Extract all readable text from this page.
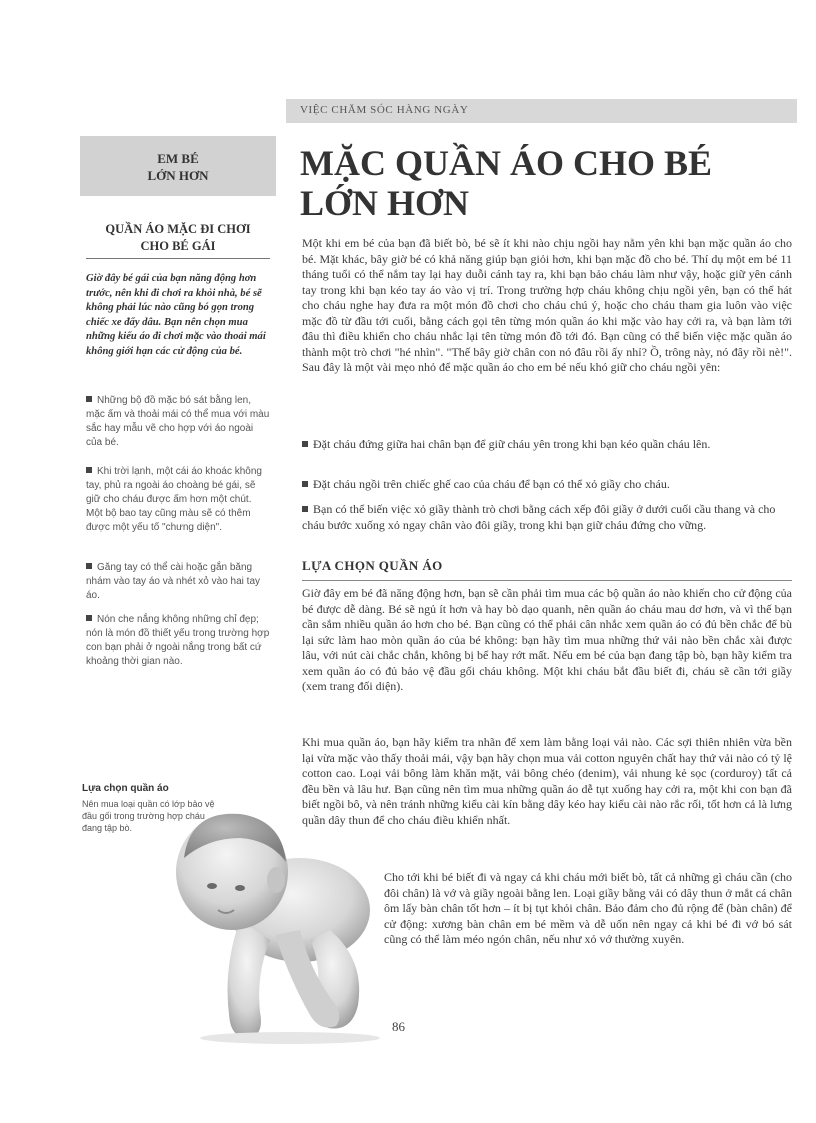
VIỆC CHĂM SÓC HÀNG NGÀY
EM BÉ
LỚN HƠN
QUẦN ÁO MẶC ĐI CHƠI
CHO BÉ GÁI

Giờ đây bé gái của bạn năng động hơn trước, nên khi đi chơi ra khỏi nhà, bé sẽ không phải lúc nào cũng bó gọn trong chiếc xe đẩy dâu. Bạn nên chọn mua những kiểu áo đi chơi mặc vào thoải mái không giới hạn các cử động của bé.

Những bộ đồ mặc bó sát bằng len, mặc ấm và thoải mái có thể mua với màu sắc hay mẫu vẽ cho hợp với áo ngoài của bé.

Khi trời lạnh, một cái áo khoác không tay, phủ ra ngoài áo choàng bé gái, sẽ giữ cho cháu được ấm hơn một chút. Một bộ bao tay cũng màu sẽ có thêm được một yếu tố "chưng diện".

Găng tay có thể cài hoặc gắn băng nhám vào tay áo và nhét xỏ vào hai tay áo.

Nón che nắng không những chỉ đẹp; nón là món đồ thiết yếu trong trường hợp con bạn phải ở ngoài nắng trong bất cứ khoảng thời gian nào.

Lựa chọn quần áo

Nên mua loại quần có lớp bảo vệ đầu gối trong trường hợp cháu đang tập bò.

MẶC QUẦN ÁO CHO BÉ
LỚN HƠN

Một khi em bé của bạn đã biết bò, bé sẽ ít khi nào chịu ngồi hay nằm yên khi bạn mặc quần áo cho bé. Mặt khác, bây giờ bé có khả năng giúp bạn giỏi hơn, khi bạn mặc đồ cho bé. Thí dụ một em bé 11 tháng tuổi có thể nắm tay lại hay duỗi cánh tay ra, khi bạn bảo cháu làm như vậy, hoặc giữ yên cánh tay trong khi bạn kéo tay áo vào vị trí. Trong trường hợp cháu không chịu ngồi yên, bạn có thể hát cho cháu nghe hay đưa ra một món đồ chơi cho cháu chú ý, hoặc cho cháu tham gia luôn vào việc mặc đồ từ đầu tới cuối, bằng cách gọi tên từng món quần áo khi mặc vào hay cởi ra, và bạn làm tới đâu thì điều khiển cho cháu nhắc lại tên từng món đồ tới đó. Bạn cũng có thể biến việc mặc quần áo thành một trò chơi "hé nhìn". "Thế bây giờ chân con nó đâu rồi ấy nhỉ? Ồ, trông này, nó đây rồi nè!". Sau đây là một vài mẹo nhỏ để mặc quần áo cho em bé nếu khó giữ cho cháu ngồi yên:

Đặt cháu đứng giữa hai chân bạn để giữ cháu yên trong khi bạn kéo quần cháu lên.

Đặt cháu ngồi trên chiếc ghế cao của cháu để bạn có thể xỏ giầy cho cháu.

Bạn có thể biến việc xỏ giầy thành trò chơi bằng cách xếp đôi giầy ở dưới cuối cầu thang và cho cháu bước xuống xỏ ngay chân vào đôi giầy, trong khi bạn giữ cháu đứng cho vững.

LỰA CHỌN QUẦN ÁO

Giờ đây em bé đã năng động hơn, bạn sẽ cần phải tìm mua các bộ quần áo nào khiến cho cử động của bé được dễ dàng. Bé sẽ ngủ ít hơn và hay bò dạo quanh, nên quần áo cháu mau dơ hơn, và vì thế bạn cần sắm nhiều quần áo hơn cho bé. Bạn cũng có thể phải cân nhắc xem quần áo có đủ bền chắc để bù lại sức làm hao mòn quần áo của bé không: bạn hãy tìm mua những thứ vải nào bền chắc xài được lâu, với nút cài chắc chắn, không bị bể hay rớt mất. Nếu em bé của bạn đang tập bò, bạn hãy kiểm tra xem quần áo có đủ bảo vệ đầu gối cháu không. Một khi cháu bắt đầu biết đi, cháu sẽ cần tới giầy (xem trang đối diện).

Khi mua quần áo, bạn hãy kiểm tra nhãn để xem làm bằng loại vải nào. Các sợi thiên nhiên vừa bền lại vừa mặc vào thấy thoải mái, vậy bạn hãy chọn mua vải cotton nguyên chất hay thứ vải nào có tỷ lệ cotton cao. Loại vải bông làm khăn mặt, vải bông chéo (denim), vải nhung kẻ sọc (corduroy) tất cả đều bền và lâu hư. Bạn cũng nên tìm mua những quần áo dễ tụt xuống hay cởi ra, một khi con bạn đã biết ngồi bô, và nên tránh những kiểu cài kín bằng dây kéo hay kiểu cài nào rắc rối, tốt hơn cả là lưng quần dây thun để cho cháu điều khiển nhất.

Cho tới khi bé biết đi và ngay cả khi cháu mới biết bò, tất cả những gì cháu cần (cho đôi chân) là vớ và giầy ngoài bằng len. Loại giầy bằng vải có dây thun ở mắt cá chân ôm lấy bàn chân tốt hơn – ít bị tụt khỏi chân. Bảo đảm cho đủ rộng để (bàn chân) để cử động: xương bàn chân em bé mềm và dễ uốn nên ngay cả khi bé đi vớ bó sát cũng có thể làm méo ngón chân, nếu như xỏ vớ thường xuyên.

86
